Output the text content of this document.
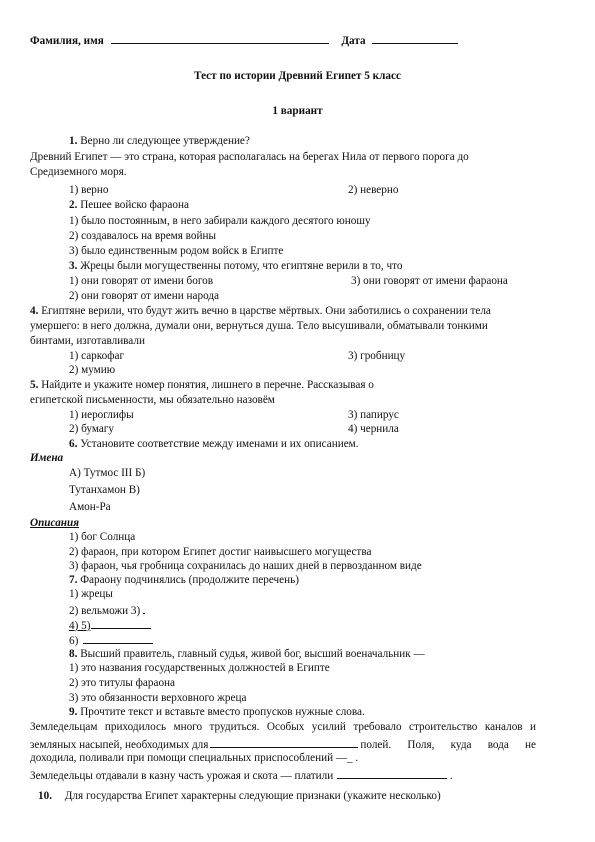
Фамилия, имя	Дата
Тест по истории Древний Египет 5 класс
1 вариант
1. Верно ли следующее утверждение?
Древний Египет — это страна, которая располагалась на берегах Нила от первого порога до
Средиземного моря.
1) верно	2) неверно
2. Пешее войско фараона
1) было постоянным, в него забирали каждого десятого юношу
2) создавалось на время войны
3) было единственным родом войск в Египте
3. Жрецы были могущественны потому, что египтяне верили в то, что
1) они говорят от имени богов	3) они говорят от имени фараона
2) они говорят от имени народа
4. Египтяне верили, что будут жить вечно в царстве мёртвых. Они заботились о сохранении тела
умершего: в него должна, думали они, вернуться душа. Тело высушивали, обматывали тонкими
бинтами, изготавливали
1) саркофаг	3) гробницу
2) мумию
5. Найдите и укажите номер понятия, лишнего в перечне. Рассказывая о
египетской письменности, мы обязательно назовём
1) иероглифы	3) папирус
2) бумагу	4) чернила
6. Установите соответствие между именами и их описанием.
Имена
А) Тутмос III Б)
Тутанхамон В)
Амон-Ра
Описания
1) бог Солнца
2) фараон, при котором Египет достиг наивысшего могущества
3) фараон, чья гробница сохранилась до наших дней в первозданном виде
7. Фараону подчинялись (продолжите перечень)
1) жрецы
2) вельможи 3)
4) 5)
6)
8. Высший правитель, главный судья, живой бог, высший военачальник —
1) это названия государственных должностей в Египте
2) это титулы фараона
3) это обязанности верховного жреца
9. Прочтите текст и вставьте вместо пропусков нужные слова.
Земледельцам приходилось много трудиться. Особых усилий требовало строительство каналов и
земляных насыпей, необходимых для	полей. Поля, куда вода не
доходила, поливали при помощи специальных приспособлений —_ .
Земледельцы отдавали в казну часть урожая и скота — платили	.
10. Для государства Египет характерны следующие признаки (укажите несколько)
